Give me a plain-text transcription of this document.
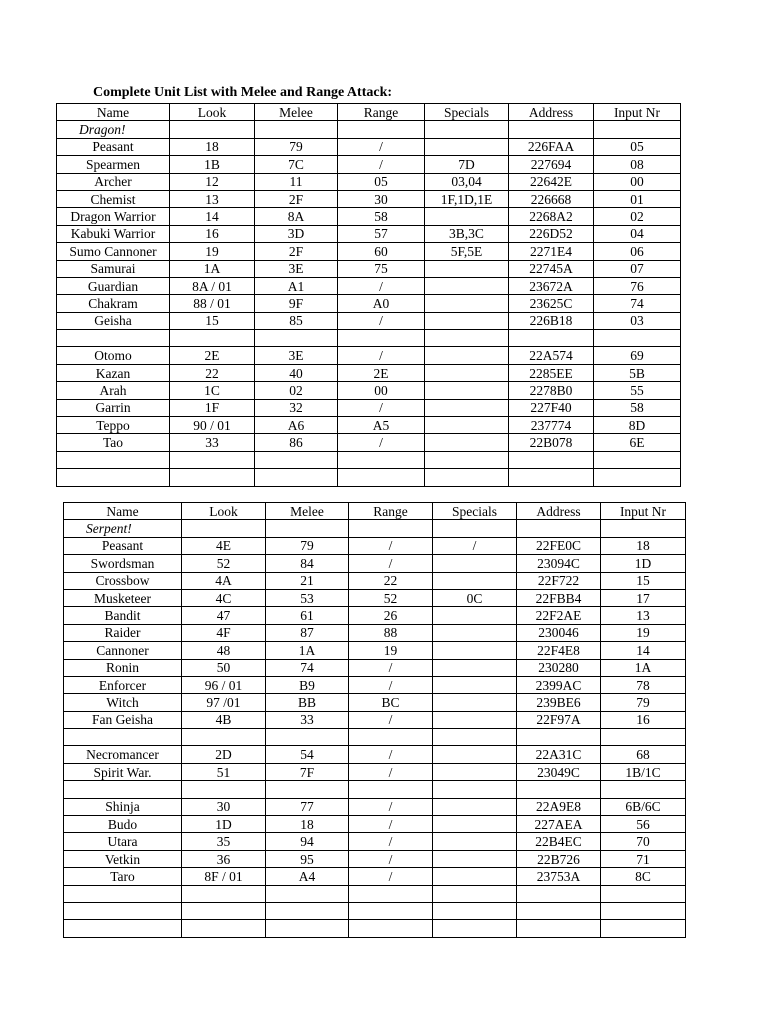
Complete Unit List with Melee and Range Attack:
Name	Look	Melee	Range	Specials	Address	Input Nr
Dragon!						
Peasant	18	79	/		226FAA	05
Spearmen	1B	7C	/	7D	227694	08
Archer	12	11	05	03,04	22642E	00
Chemist	13	2F	30	1F,1D,1E	226668	01
Dragon Warrior	14	8A	58		2268A2	02
Kabuki Warrior	16	3D	57	3B,3C	226D52	04
Sumo Cannoner	19	2F	60	5F,5E	2271E4	06
Samurai	1A	3E	75		22745A	07
Guardian	8A / 01	A1	/		23672A	76
Chakram	88 / 01	9F	A0		23625C	74
Geisha	15	85	/		226B18	03

Otomo	2E	3E	/		22A574	69
Kazan	22	40	2E		2285EE	5B
Arah	1C	02	00		2278B0	55
Garrin	1F	32	/		227F40	58
Teppo	90 / 01	A6	A5		237774	8D
Tao	33	86	/		22B078	6E

Name	Look	Melee	Range	Specials	Address	Input Nr
Serpent!						
Peasant	4E	79	/	/	22FE0C	18
Swordsman	52	84	/		23094C	1D
Crossbow	4A	21	22		22F722	15
Musketeer	4C	53	52	0C	22FBB4	17
Bandit	47	61	26		22F2AE	13
Raider	4F	87	88		230046	19
Cannoner	48	1A	19		22F4E8	14
Ronin	50	74	/		230280	1A
Enforcer	96 / 01	B9	/		2399AC	78
Witch	97 /01	BB	BC		239BE6	79
Fan Geisha	4B	33	/		22F97A	16

Necromancer	2D	54	/		22A31C	68
Spirit War.	51	7F	/		23049C	1B/1C

Shinja	30	77	/		22A9E8	6B/6C
Budo	1D	18	/		227AEA	56
Utara	35	94	/		22B4EC	70
Vetkin	36	95	/		22B726	71
Taro	8F / 01	A4	/		23753A	8C
